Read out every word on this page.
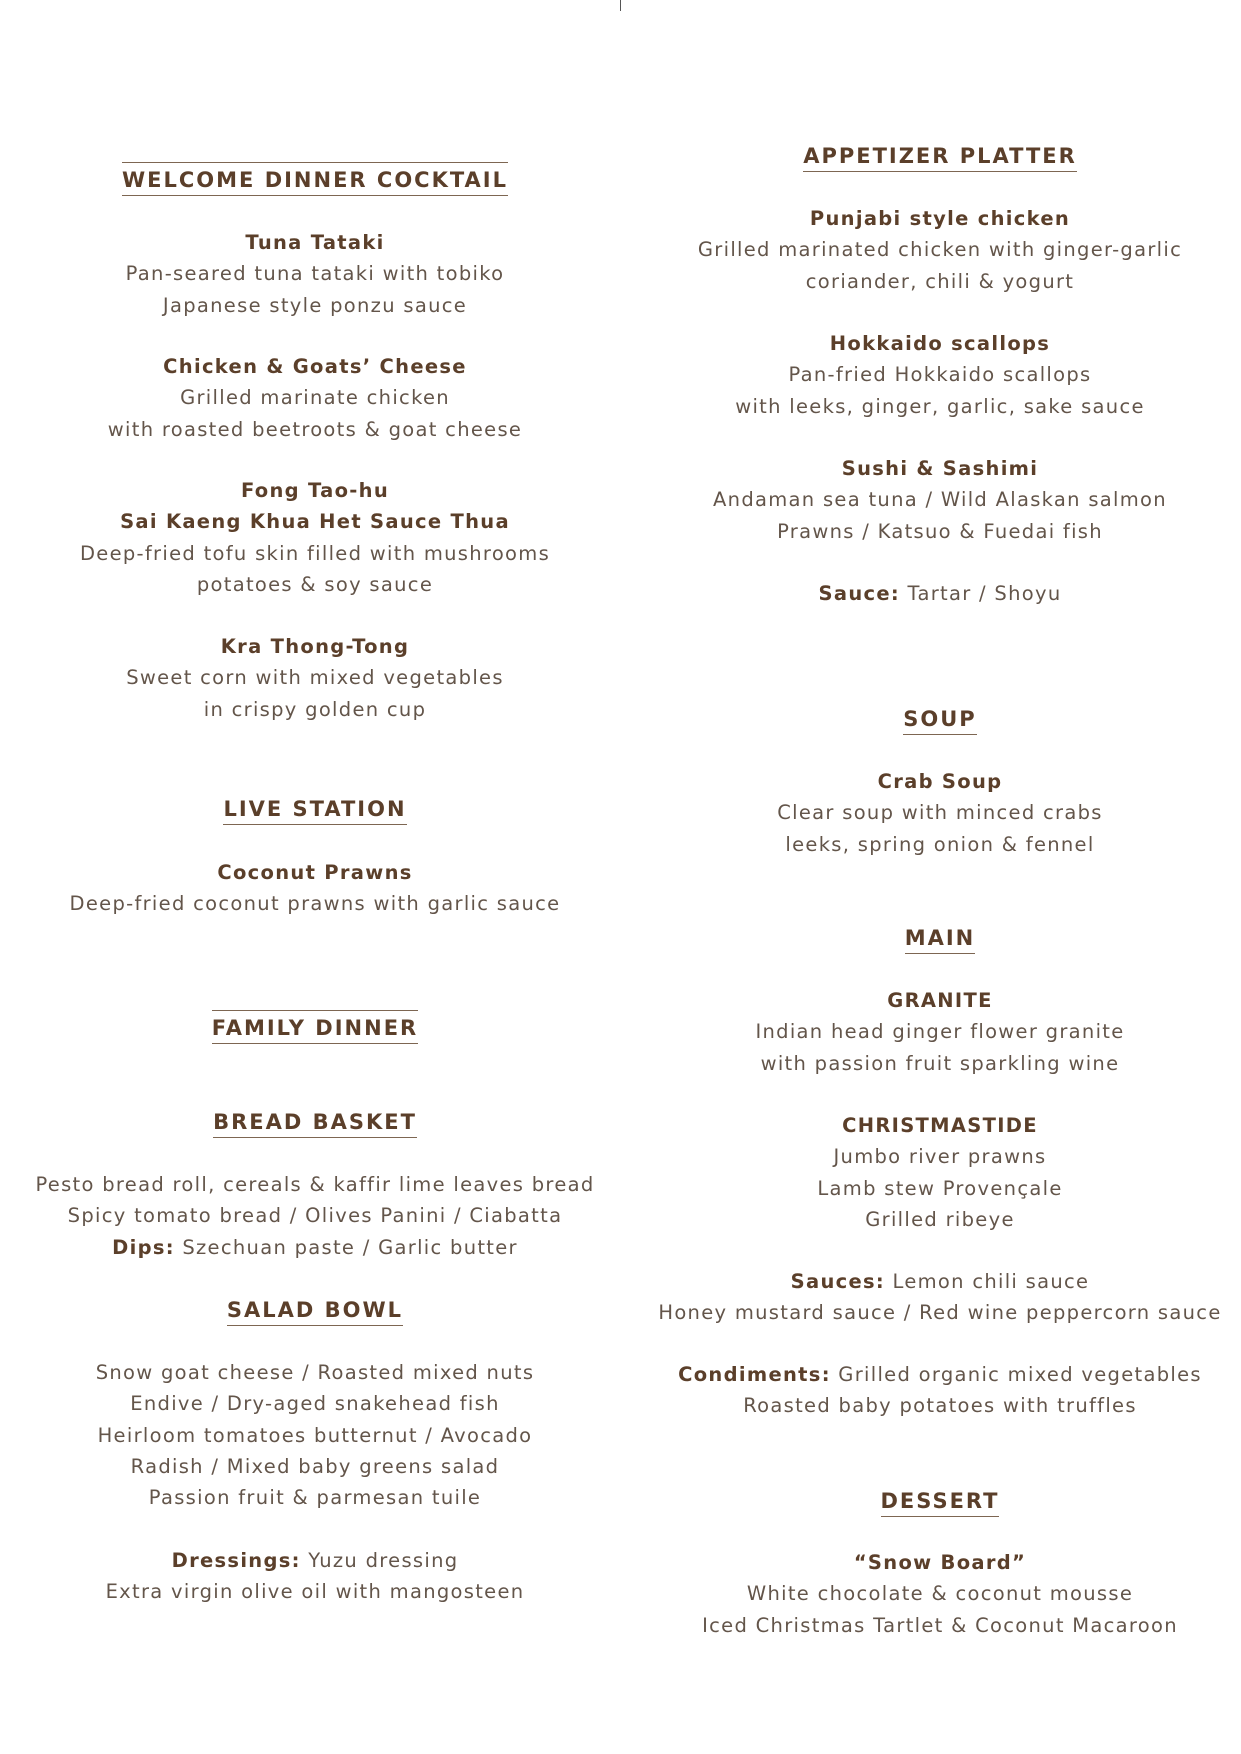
WELCOME DINNER COCKTAIL
Tuna Tataki
Pan-seared tuna tataki with tobiko
Japanese style ponzu sauce
Chicken & Goats’ Cheese
Grilled marinate chicken
with roasted beetroots & goat cheese
Fong Tao-hu
Sai Kaeng Khua Het Sauce Thua
Deep-fried tofu skin filled with mushrooms
potatoes & soy sauce
Kra Thong-Tong
Sweet corn with mixed vegetables
in crispy golden cup
LIVE STATION
Coconut Prawns
Deep-fried coconut prawns with garlic sauce
FAMILY DINNER
BREAD BASKET
Pesto bread roll, cereals & kaffir lime leaves bread
Spicy tomato bread / Olives Panini / Ciabatta
Dips: Szechuan paste / Garlic butter
SALAD BOWL
Snow goat cheese / Roasted mixed nuts
Endive / Dry-aged snakehead fish
Heirloom tomatoes butternut / Avocado
Radish / Mixed baby greens salad
Passion fruit & parmesan tuile
Dressings: Yuzu dressing
Extra virgin olive oil with mangosteen
APPETIZER PLATTER
Punjabi style chicken
Grilled marinated chicken with ginger-garlic
coriander, chili & yogurt
Hokkaido scallops
Pan-fried Hokkaido scallops
with leeks, ginger, garlic, sake sauce
Sushi & Sashimi
Andaman sea tuna / Wild Alaskan salmon
Prawns / Katsuo & Fuedai fish
Sauce: Tartar / Shoyu
SOUP
Crab Soup
Clear soup with minced crabs
leeks, spring onion & fennel
MAIN
GRANITE
Indian head ginger flower granite
with passion fruit sparkling wine
CHRISTMASTIDE
Jumbo river prawns
Lamb stew Provençale
Grilled ribeye
Sauces: Lemon chili sauce
Honey mustard sauce / Red wine peppercorn sauce
Condiments: Grilled organic mixed vegetables
Roasted baby potatoes with truffles
DESSERT
“Snow Board”
White chocolate & coconut mousse
Iced Christmas Tartlet & Coconut Macaroon
